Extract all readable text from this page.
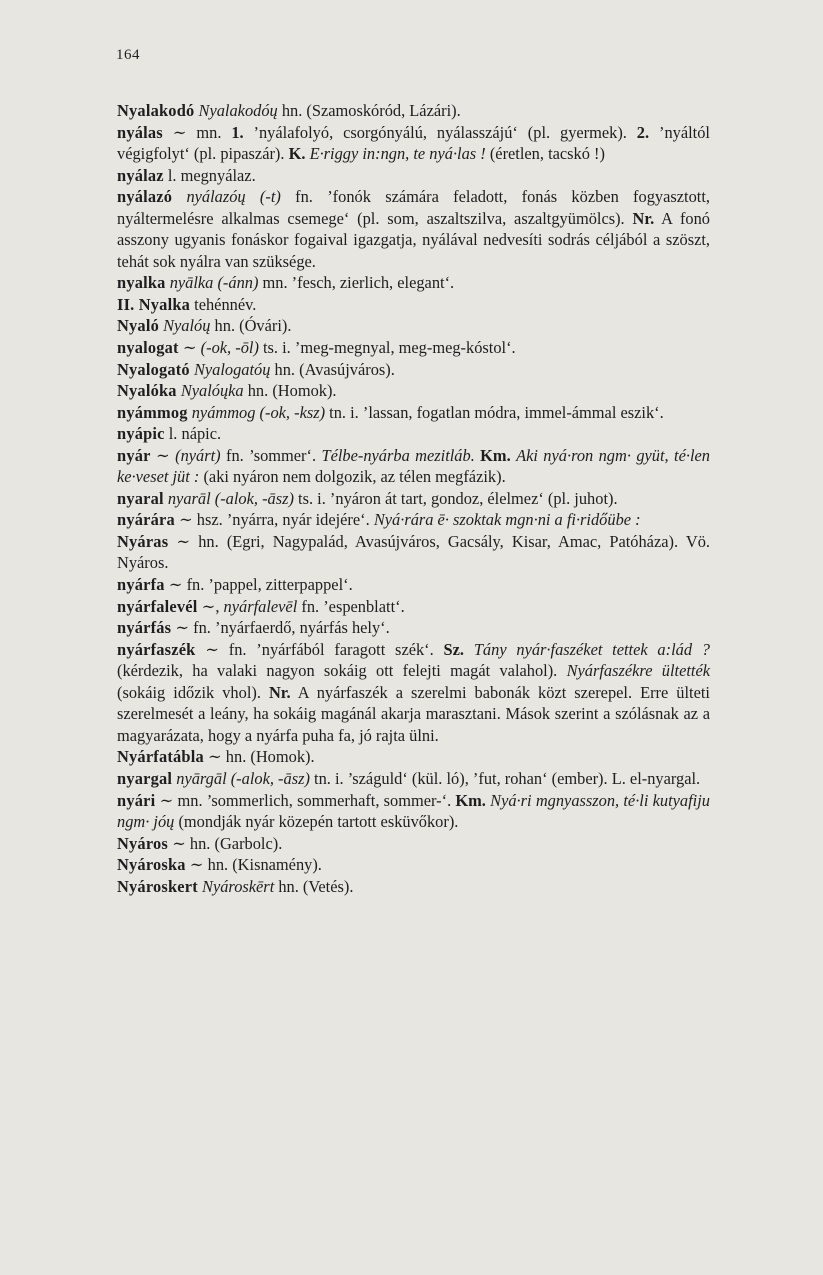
164

Nyalakodó Nyalakodóų hn. (Szamoskóród, Lázári).

nyálas ∼ mn. 1. ’nyálafolyó, csorgónyálú, nyálasszájú‘ (pl. gyermek). 2. ’nyáltól végigfolyt‘ (pl. pipaszár). K. E·riggy in:ngn, te nyá·las ! (éretlen, tacskó !)

nyálaz l. megnyálaz.

nyálazó nyálazóų (-t) fn. ’fonók számára feladott, fonás közben fogyasztott, nyáltermelésre alkalmas csemege‘ (pl. som, aszaltszilva, aszaltgyümölcs). Nr. A fonó asszony ugyanis fonáskor fogaival igazgatja, nyálával nedvesíti sodrás céljából a szöszt, tehát sok nyálra van szüksége.

nyalka nyālka (-ánn) mn. ’fesch, zierlich, elegant‘.

II. Nyalka tehénnév.

Nyaló Nyalóų hn. (Óvári).

nyalogat ∼ (-ok, -ōl) ts. i. ’meg-megnyal, meg-meg-kóstol‘.

Nyalogató Nyalogatóų hn. (Avasújváros).

Nyalóka Nyalóųka hn. (Homok).

nyámmog nyámmog (-ok, -ksz) tn. i. ’lassan, fogatlan módra, immel-ámmal eszik‘.

nyápic l. nápic.

nyár ∼ (nyárt) fn. ’sommer‘. Télbe-nyárba mezitláb. Km. Aki nyá·ron ngm· gyüt, té·len ke·veset jüt : (aki nyáron nem dolgozik, az télen megfázik).

nyaral nyarāl (-alok, -āsz) ts. i. ’nyáron át tart, gondoz, élelmez‘ (pl. juhot).

nyárára ∼ hsz. ’nyárra, nyár idejére‘. Nyá·rára ē· szoktak mgn·ni a fi·ridőübe :

Nyáras ∼ hn. (Egri, Nagypalád, Avasújváros, Gacsály, Kisar, Amac, Patóháza). Vö. Nyáros.

nyárfa ∼ fn. ’pappel, zitterpappel‘.

nyárfalevél ∼, nyárfalevēl fn. ’espenblatt‘.

nyárfás ∼ fn. ’nyárfaerdő, nyárfás hely‘.

nyárfaszék ∼ fn. ’nyárfából faragott szék‘. Sz. Tány nyár·faszéket tettek a:lád ? (kérdezik, ha valaki nagyon sokáig ott felejti magát valahol). Nyárfaszékre ültették (sokáig időzik vhol). Nr. A nyárfaszék a szerelmi babonák közt szerepel. Erre ülteti szerelmesét a leány, ha sokáig magánál akarja marasztani. Mások szerint a szólásnak az a magyarázata, hogy a nyárfa puha fa, jó rajta ülni.

Nyárfatábla ∼ hn. (Homok).

nyargal nyārgāl (-alok, -āsz) tn. i. ’száguld‘ (kül. ló), ’fut, rohan‘ (ember). L. el-nyargal.

nyári ∼ mn. ’sommerlich, sommerhaft, sommer-‘. Km. Nyá·ri mgnyasszon, té·li kutyafiju ngm· jóų (mondják nyár közepén tartott esküvőkor).

Nyáros ∼ hn. (Garbolc).

Nyároska ∼ hn. (Kisnamény).

Nyároskert Nyároskērt hn. (Vetés).
